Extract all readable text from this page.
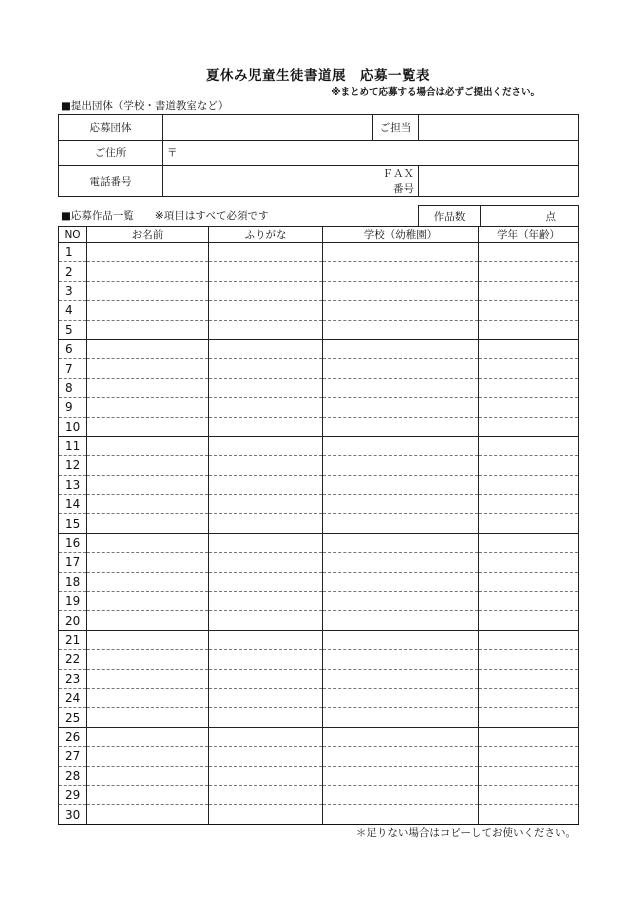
夏休み児童生徒書道展　応募一覧表
※まとめて応募する場合は必ずご提出ください。
■提出団体（学校・書道教室など）
応募団体		ご担当	
ご住所	〒		
電話番号		ＦＡＸ番号	
■応募作品一覧　　※項目はすべて必須です	作品数	点
NO	お名前	ふりがな	学校（幼稚園）	学年（年齢）
1				
2				
3				
4				
5				
6				
7				
8				
9				
10				
11				
12				
13				
14				
15				
16				
17				
18				
19				
20				
21				
22				
23				
24				
25				
26				
27				
28				
29				
30				
＊足りない場合はコピーしてお使いください。
